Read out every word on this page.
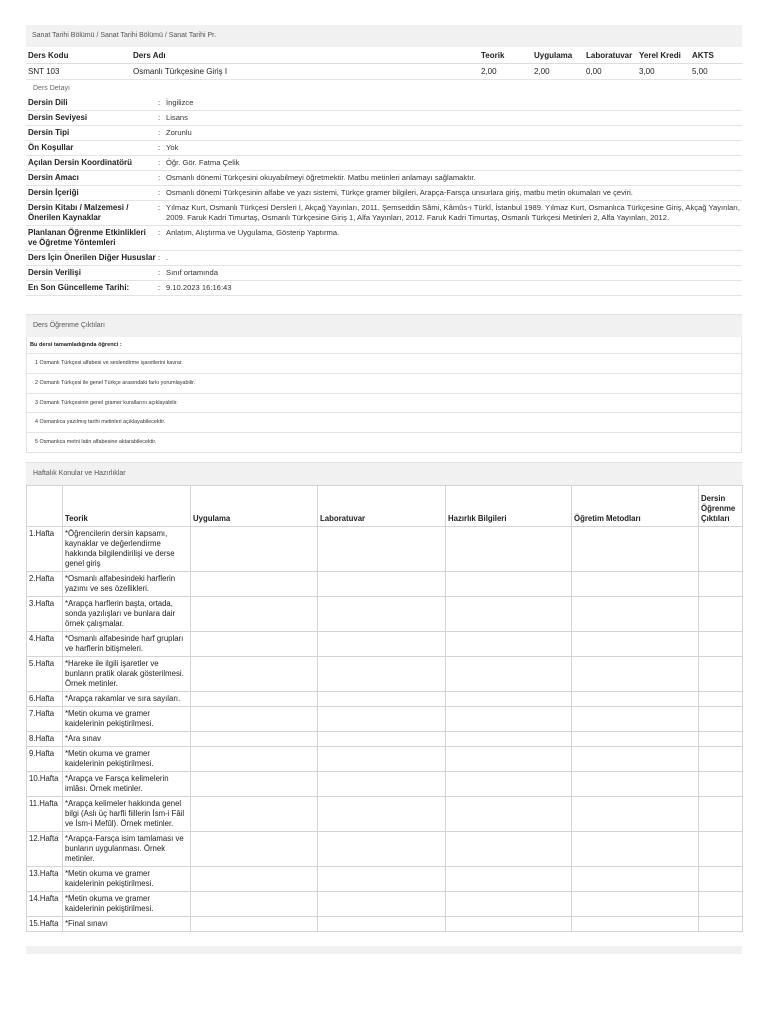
Sanat Tarihi Bölümü / Sanat Tarihi Bölümü / Sanat Tarihi Pr.
Ders Kodu	Ders Adı	Teorik	Uygulama	Laboratuvar	Yerel Kredi	AKTS
SNT 103	Osmanlı Türkçesine Giriş I	2,00	2,00	0,00	3,00	5,00
Ders Detayı
Dersin Dili	:	İngilizce
Dersin Seviyesi	:	Lisans
Dersin Tipi	:	Zorunlu
Ön Koşullar	:	Yok
Açılan Dersin Koordinatörü	:	Öğr. Gör. Fatma Çelik
Dersin Amacı	:	Osmanlı dönemi Türkçesini okuyabilmeyi öğretmektir. Matbu metinleri anlamayı sağlamaktır.
Dersin İçeriği	:	Osmanlı dönemi Türkçesinin alfabe ve yazı sistemi, Türkçe gramer bilgileri, Arapça-Farsça unsurlara giriş, matbu metin okumaları ve çeviri.
Dersin Kitabı / Malzemesi / Önerilen Kaynaklar	:	Yılmaz Kurt, Osmanlı Türkçesi Dersleri I, Akçağ Yayınları, 2011. Şemseddin Sâmi, Kâmûs-ı Türkî, İstanbul 1989. Yılmaz Kurt, Osmanlıca Türkçesine Giriş, Akçağ Yayınları, 2009. Faruk Kadri Timurtaş, Osmanlı Türkçesine Giriş 1, Alfa Yayınları, 2012. Faruk Kadri Timurtaş, Osmanlı Türkçesi Metinleri 2, Alfa Yayınları, 2012.
Planlanan Öğrenme Etkinlikleri ve Öğretme Yöntemleri	:	Anlatım, Alıştırma ve Uygulama, Gösterip Yaptırma.
Ders İçin Önerilen Diğer Hususlar	:	.
Dersin Verilişi	:	Sınıf ortamında
En Son Güncelleme Tarihi:	:	9.10.2023 16:16:43
Ders Öğrenme Çıktıları
Bu dersi tamamladığında öğrenci :
1 Osmanlı Türkçesi alfabesi ve seslendirme işaretlerini kavrar.
2 Osmanlı Türkçesi ile genel Türkçe arasındaki farkı yorumlayabilir.
3 Osmanlı Türkçesinin genel gramer kurallarını açıklayabilir.
4 Osmanlıca yazılmış tarihi metinleri açıklayabilecektir.
5 Osmanlıca metni latin alfabesine aktarabilecektir.
Haftalık Konular ve Hazırlıklar
	Teorik	Uygulama	Laboratuvar	Hazırlık Bilgileri	Öğretim Metodları	Dersin Öğrenme Çıktıları
1.Hafta	*Öğrencilerin dersin kapsamı, kaynaklar ve değerlendirme hakkında bilgilendirilişi ve derse genel giriş					
2.Hafta	*Osmanlı alfabesindeki harflerin yazımı ve ses özellikleri.					
3.Hafta	*Arapça harflerin başta, ortada, sonda yazılışları ve bunlara dair örnek çalışmalar.					
4.Hafta	*Osmanlı alfabesinde harf grupları ve harflerin bitişmeleri.					
5.Hafta	*Hareke ile ilgili işaretler ve bunların pratik olarak gösterilmesi. Örnek metinler.					
6.Hafta	*Arapça rakamlar ve sıra sayıları.					
7.Hafta	*Metin okuma ve gramer kaidelerinin pekiştirilmesi.					
8.Hafta	*Ara sınav					
9.Hafta	*Metin okuma ve gramer kaidelerinin pekiştirilmesi.					
10.Hafta	*Arapça ve Farsça kelimelerin imlâsı. Örnek metinler.					
11.Hafta	*Arapça kelimeler hakkında genel bilgi (Aslı üç harfli fiillerin İsm-i Fâil ve İsm-i Mefûl). Örnek metinler.					
12.Hafta	*Arapça-Farsça isim tamlaması ve bunların uygulanması. Örnek metinler.					
13.Hafta	*Metin okuma ve gramer kaidelerinin pekiştirilmesi.					
14.Hafta	*Metin okuma ve gramer kaidelerinin pekiştirilmesi.					
15.Hafta	*Final sınavı					
